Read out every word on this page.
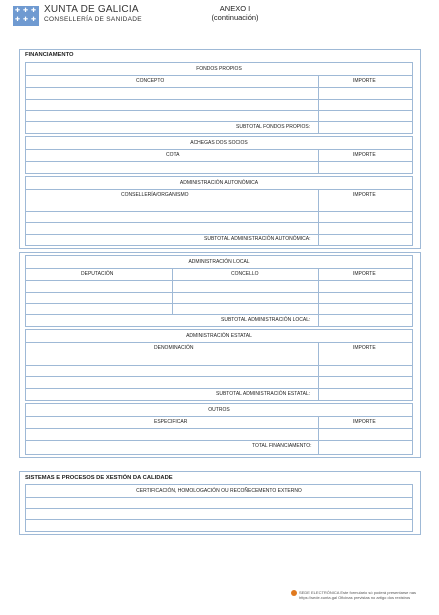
✚ ✚ ✚
✚ ✚ ✚
XUNTA DE GALICIA
CONSELLERÍA DE SANIDADE
ANEXO I
(continuación)
FINANCIAMENTO
FONDOS PROPIOS
CONCEPTO	IMPORTE
SUBTOTAL FONDOS PROPIOS:
ACHEGAS DOS SOCIOS
COTA	IMPORTE
ADMINISTRACIÓN AUTONÓMICA
CONSELLERÍA/ORGANISMO	IMPORTE
SUBTOTAL ADMINISTRACIÓN AUTONÓMICA:
ADMINISTRACIÓN LOCAL
DEPUTACIÓN	CONCELLO	IMPORTE
SUBTOTAL ADMINISTRACIÓN LOCAL:
ADMINISTRACIÓN ESTATAL
DENOMINACIÓN	IMPORTE
SUBTOTAL ADMINISTRACIÓN ESTATAL:
OUTROS
ESPECIFICAR	IMPORTE
TOTAL FINANCIAMENTO:
SISTEMAS E PROCESOS DE XESTIÓN DA CALIDADE
CERTIFICACIÓN, HOMOLOGACIÓN OU RECOÑECEMENTO EXTERNO
SEDE ELECTRÓNICA Este formulario só poderá presentarse nas
https://sede.xunta.gal Oficinas previstas no artigo dos rexistros
